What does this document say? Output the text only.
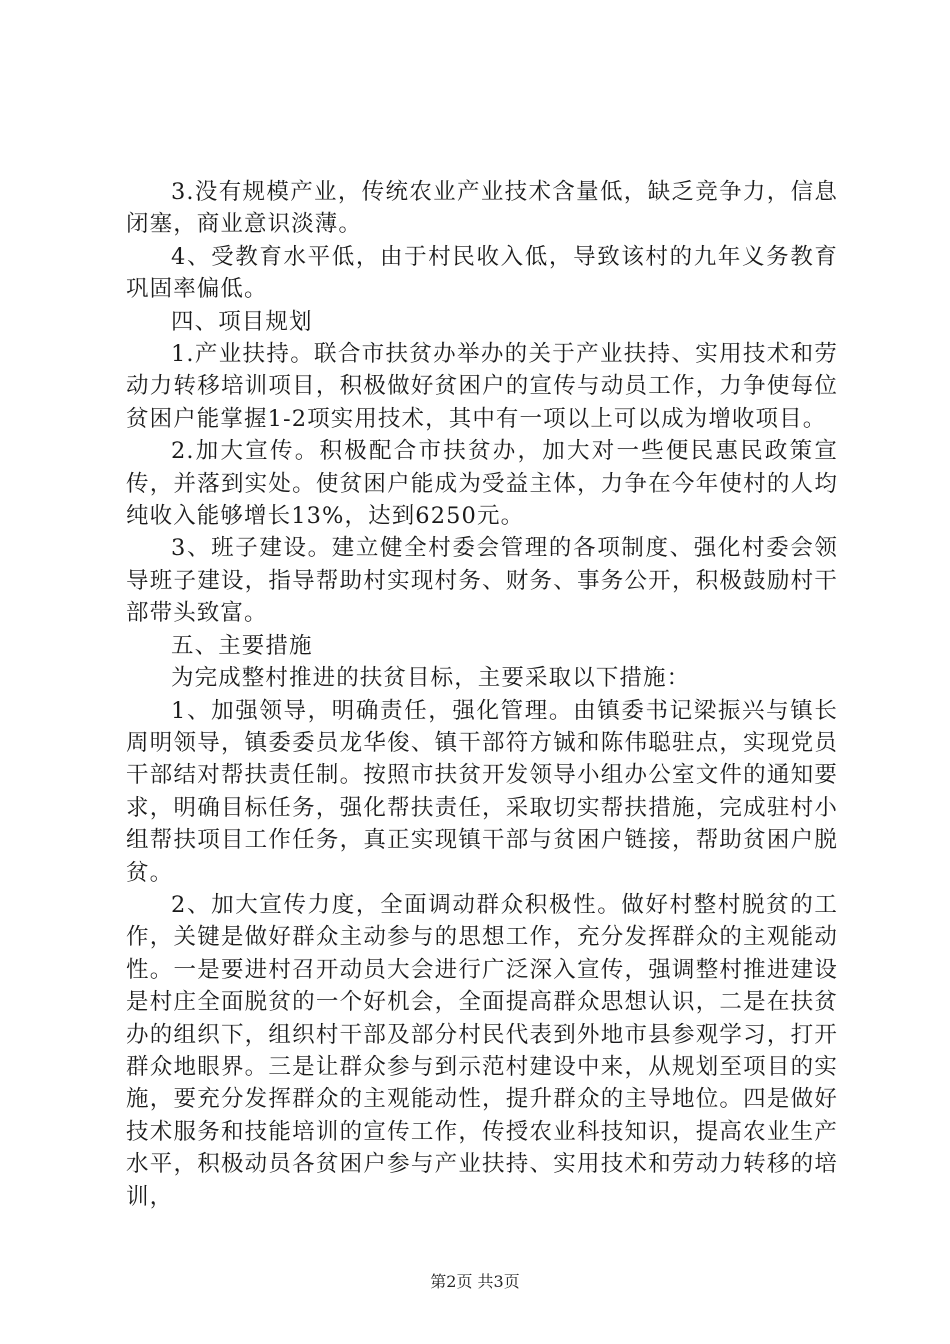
3.没有规模产业，传统农业产业技术含量低，缺乏竞争力，信息闭塞，商业意识淡薄。

4、受教育水平低，由于村民收入低，导致该村的九年义务教育巩固率偏低。

四、项目规划

1.产业扶持。联合市扶贫办举办的关于产业扶持、实用技术和劳动力转移培训项目，积极做好贫困户的宣传与动员工作，力争使每位贫困户能掌握1-2项实用技术，其中有一项以上可以成为增收项目。

2.加大宣传。积极配合市扶贫办，加大对一些便民惠民政策宣传，并落到实处。使贫困户能成为受益主体，力争在今年使村的人均纯收入能够增长13%，达到6250元。

3、班子建设。建立健全村委会管理的各项制度、强化村委会领导班子建设，指导帮助村实现村务、财务、事务公开，积极鼓励村干部带头致富。

五、主要措施

为完成整村推进的扶贫目标，主要采取以下措施：

1、加强领导，明确责任，强化管理。由镇委书记梁振兴与镇长周明领导，镇委委员龙华俊、镇干部符方铖和陈伟聪驻点，实现党员干部结对帮扶责任制。按照市扶贫开发领导小组办公室文件的通知要求，明确目标任务，强化帮扶责任，采取切实帮扶措施，完成驻村小组帮扶项目工作任务，真正实现镇干部与贫困户链接，帮助贫困户脱贫。

2、加大宣传力度，全面调动群众积极性。做好村整村脱贫的工作，关键是做好群众主动参与的思想工作，充分发挥群众的主观能动性。一是要进村召开动员大会进行广泛深入宣传，强调整村推进建设是村庄全面脱贫的一个好机会，全面提高群众思想认识，二是在扶贫办的组织下，组织村干部及部分村民代表到外地市县参观学习，打开群众地眼界。三是让群众参与到示范村建设中来，从规划至项目的实施，要充分发挥群众的主观能动性，提升群众的主导地位。四是做好技术服务和技能培训的宣传工作，传授农业科技知识，提高农业生产水平，积极动员各贫困户参与产业扶持、实用技术和劳动力转移的培训，

第2页 共3页
